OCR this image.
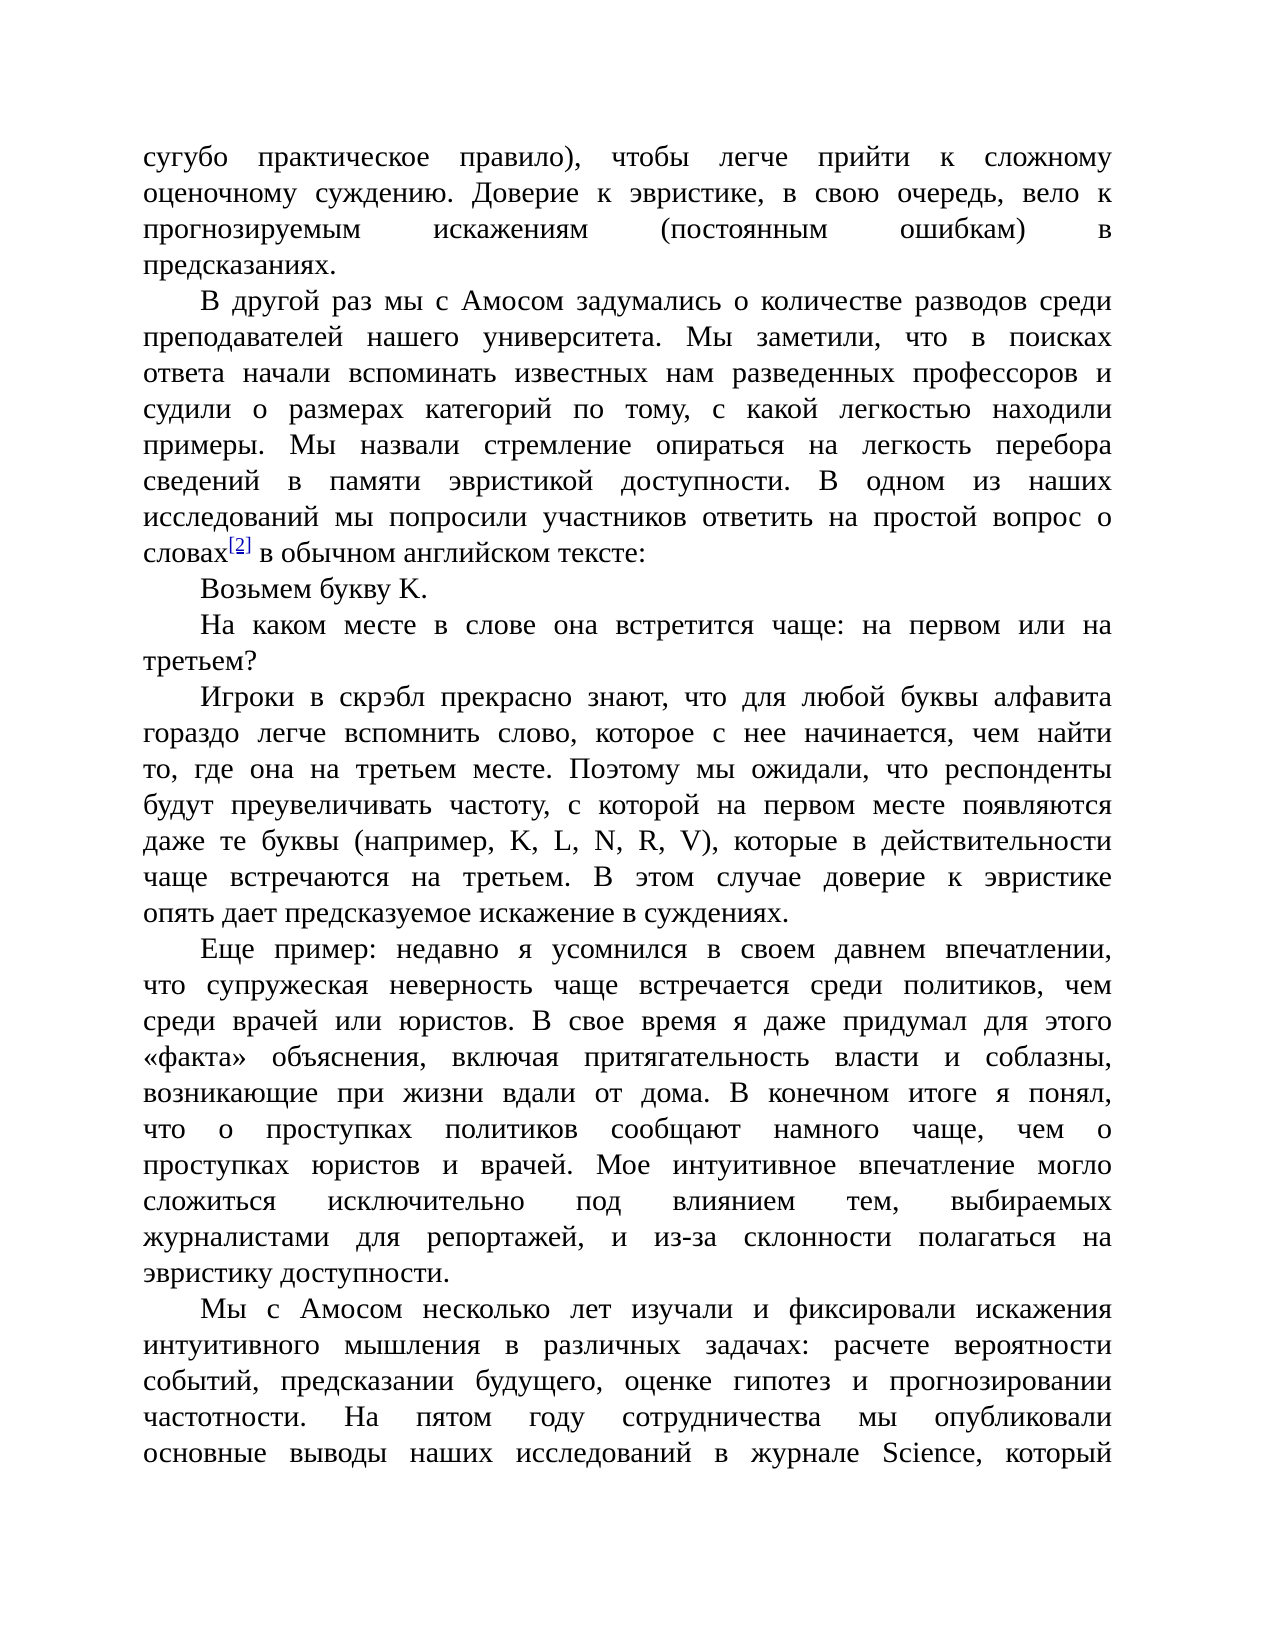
сугубо практическое правило), чтобы легче прийти к сложному
оценочному суждению. Доверие к эвристике, в свою очередь, вело к
прогнозируемым искажениям (постоянным ошибкам) в
предсказаниях.
В другой раз мы с Амосом задумались о количестве разводов среди
преподавателей нашего университета. Мы заметили, что в поисках
ответа начали вспоминать известных нам разведенных профессоров и
судили о размерах категорий по тому, с какой легкостью находили
примеры. Мы назвали стремление опираться на легкость перебора
сведений в памяти эвристикой доступности. В одном из наших
исследований мы попросили участников ответить на простой вопрос о
словах[2] в обычном английском тексте:
Возьмем букву K.
На каком месте в слове она встретится чаще: на первом или на
третьем?
Игроки в скрэбл прекрасно знают, что для любой буквы алфавита
гораздо легче вспомнить слово, которое с нее начинается, чем найти
то, где она на третьем месте. Поэтому мы ожидали, что респонденты
будут преувеличивать частоту, с которой на первом месте появляются
даже те буквы (например, K, L, N, R, V), которые в действительности
чаще встречаются на третьем. В этом случае доверие к эвристике
опять дает предсказуемое искажение в суждениях.
Еще пример: недавно я усомнился в своем давнем впечатлении,
что супружеская неверность чаще встречается среди политиков, чем
среди врачей или юристов. В свое время я даже придумал для этого
«факта» объяснения, включая притягательность власти и соблазны,
возникающие при жизни вдали от дома. В конечном итоге я понял,
что о проступках политиков сообщают намного чаще, чем о
проступках юристов и врачей. Мое интуитивное впечатление могло
сложиться исключительно под влиянием тем, выбираемых
журналистами для репортажей, и из-за склонности полагаться на
эвристику доступности.
Мы с Амосом несколько лет изучали и фиксировали искажения
интуитивного мышления в различных задачах: расчете вероятности
событий, предсказании будущего, оценке гипотез и прогнозировании
частотности. На пятом году сотрудничества мы опубликовали
основные выводы наших исследований в журнале Science, который
